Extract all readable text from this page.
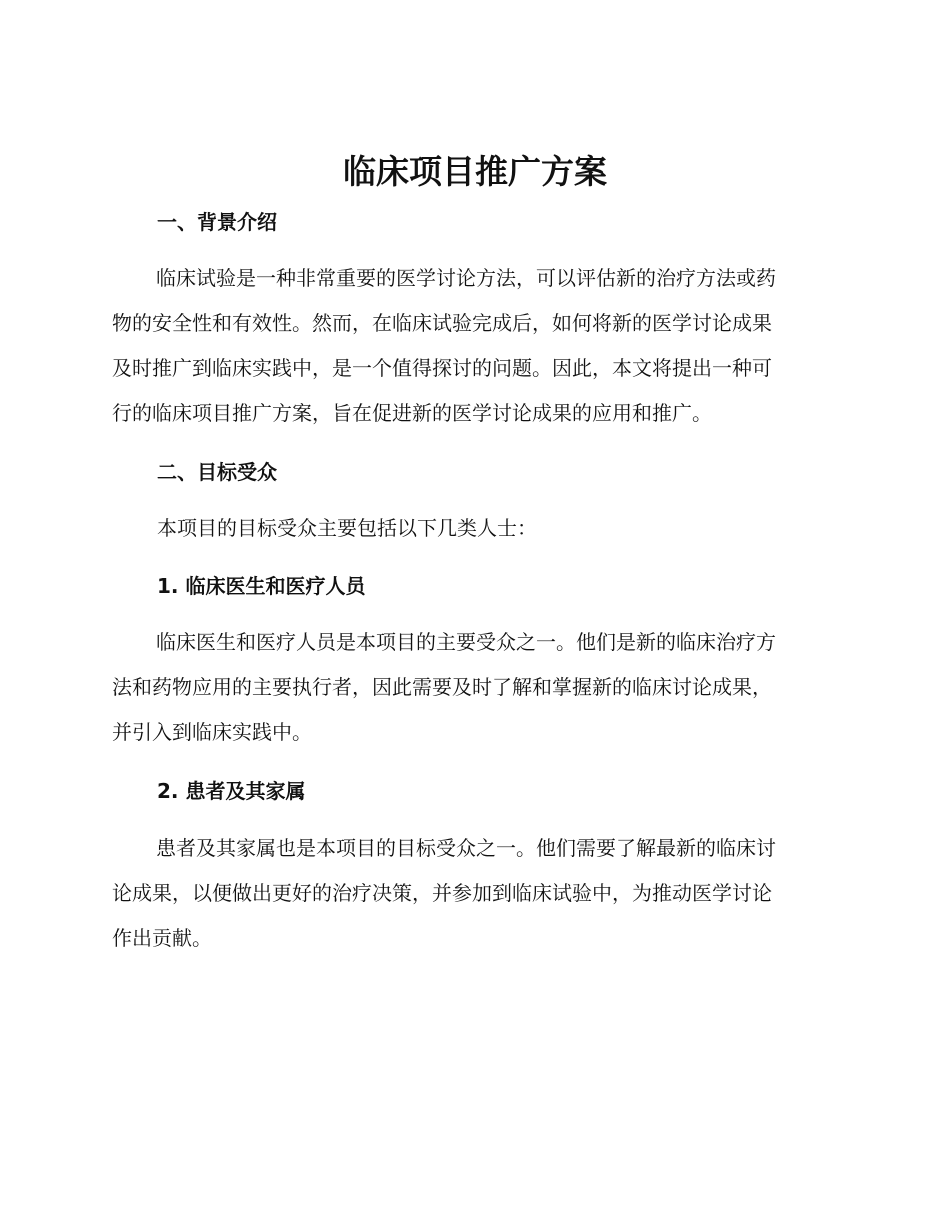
临床项目推广方案
一、背景介绍
临床试验是一种非常重要的医学讨论方法，可以评估新的治疗方法或药
物的安全性和有效性。然而，在临床试验完成后，如何将新的医学讨论成果
及时推广到临床实践中，是一个值得探讨的问题。因此，本文将提出一种可
行的临床项目推广方案，旨在促进新的医学讨论成果的应用和推广。
二、目标受众

本项目的目标受众主要包括以下几类人士：

1. 临床医生和医疗人员
临床医生和医疗人员是本项目的主要受众之一。他们是新的临床治疗方
法和药物应用的主要执行者，因此需要及时了解和掌握新的临床讨论成果，
并引入到临床实践中。
2. 患者及其家属
患者及其家属也是本项目的目标受众之一。他们需要了解最新的临床讨
论成果，以便做出更好的治疗决策，并参加到临床试验中，为推动医学讨论
作出贡献。
